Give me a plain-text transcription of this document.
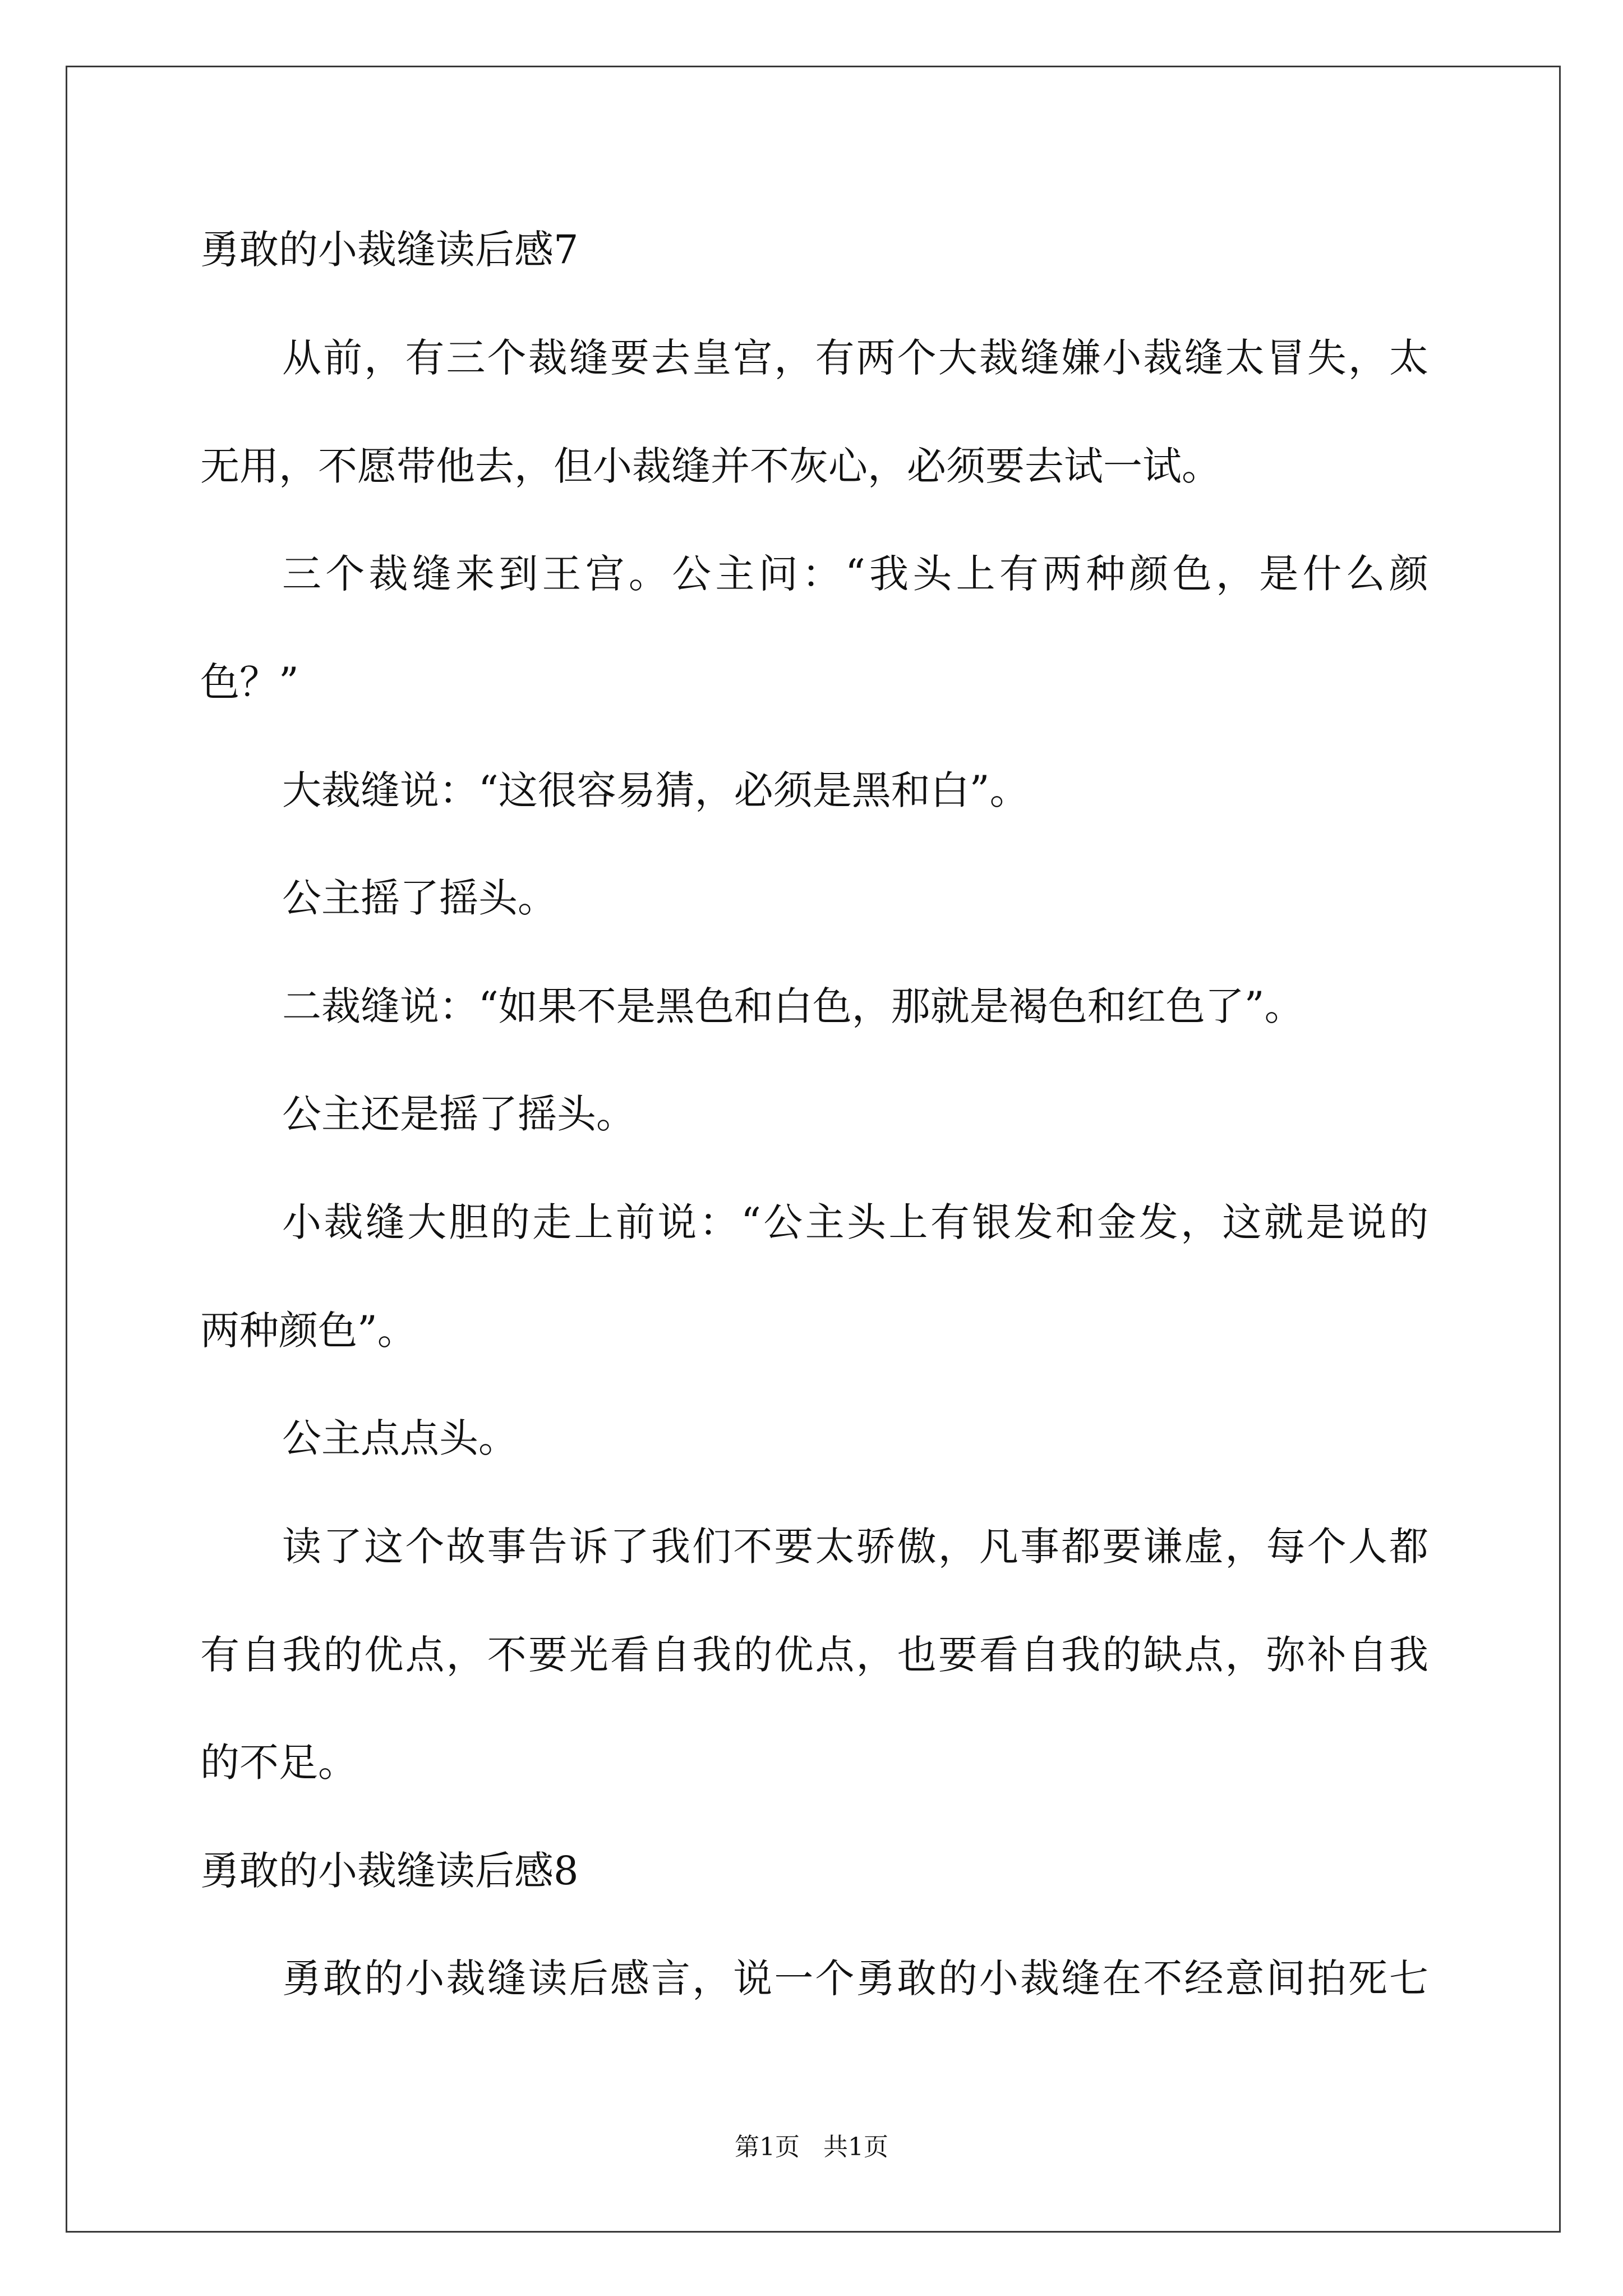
勇敢的小裁缝读后感7
从前，有三个裁缝要去皇宫，有两个大裁缝嫌小裁缝太冒失，太
无用，不愿带他去，但小裁缝并不灰心，必须要去试一试。
三个裁缝来到王宫。公主问：“我头上有两种颜色，是什么颜
色？”
大裁缝说：“这很容易猜，必须是黑和白”。
公主摇了摇头。
二裁缝说：“如果不是黑色和白色，那就是褐色和红色了”。
公主还是摇了摇头。
小裁缝大胆的走上前说：“公主头上有银发和金发，这就是说的
两种颜色”。
公主点点头。
读了这个故事告诉了我们不要太骄傲，凡事都要谦虚，每个人都
有自我的优点，不要光看自我的优点，也要看自我的缺点，弥补自我
的不足。
勇敢的小裁缝读后感8
勇敢的小裁缝读后感言，说一个勇敢的小裁缝在不经意间拍死七
第1页   共1页
